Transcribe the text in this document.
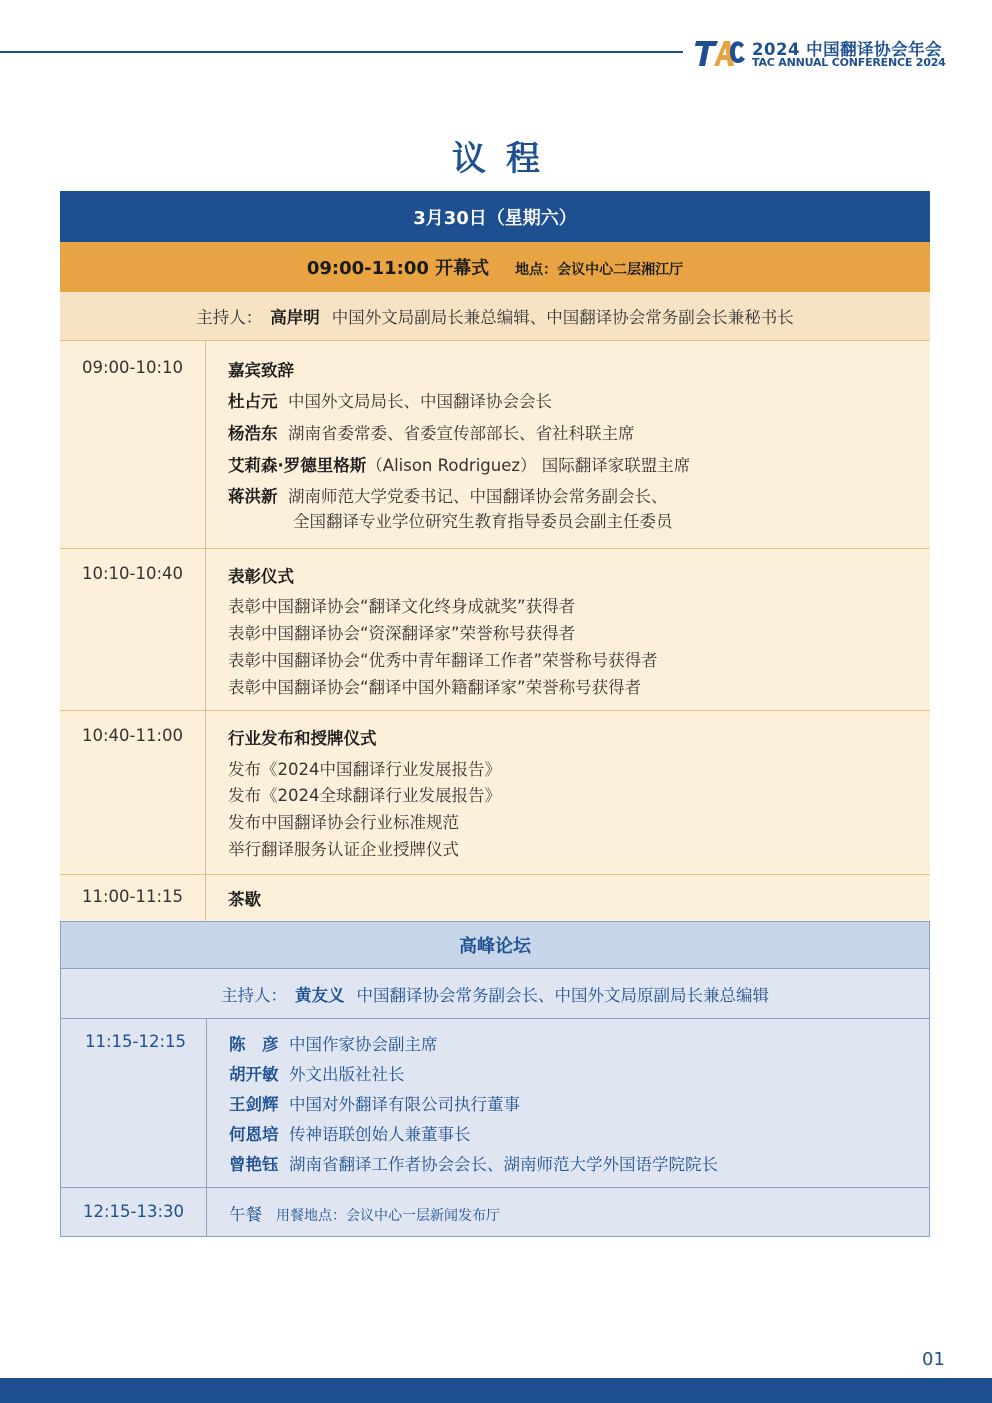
2024 中国翻译协会年会
TAC ANNUAL CONFERENCE 2024
议程
3月30日（星期六）
09:00-11:00 开幕式 地点：会议中心二层湘江厅
主持人： 高岸明 中国外文局副局长兼总编辑、中国翻译协会常务副会长兼秘书长
09:00-10:10	嘉宾致辞
杜占元 中国外文局局长、中国翻译协会会长
杨浩东 湖南省委常委、省委宣传部部长、省社科联主席
艾莉森·罗德里格斯（Alison Rodriguez） 国际翻译家联盟主席
蒋洪新 湖南师范大学党委书记、中国翻译协会常务副会长、
全国翻译专业学位研究生教育指导委员会副主任委员
10:10-10:40	表彰仪式
表彰中国翻译协会“翻译文化终身成就奖”获得者
表彰中国翻译协会“资深翻译家”荣誉称号获得者
表彰中国翻译协会“优秀中青年翻译工作者”荣誉称号获得者
表彰中国翻译协会“翻译中国外籍翻译家”荣誉称号获得者
10:40-11:00	行业发布和授牌仪式
发布《2024中国翻译行业发展报告》
发布《2024全球翻译行业发展报告》
发布中国翻译协会行业标准规范
举行翻译服务认证企业授牌仪式
11:00-11:15	茶歇
高峰论坛
主持人： 黄友义 中国翻译协会常务副会长、中国外文局原副局长兼总编辑
11:15-12:15	陈　彦 中国作家协会副主席
胡开敏 外文出版社社长
王剑辉 中国对外翻译有限公司执行董事
何恩培 传神语联创始人兼董事长
曾艳钰 湖南省翻译工作者协会会长、湖南师范大学外国语学院院长
12:15-13:30	午餐 用餐地点：会议中心一层新闻发布厅
01
